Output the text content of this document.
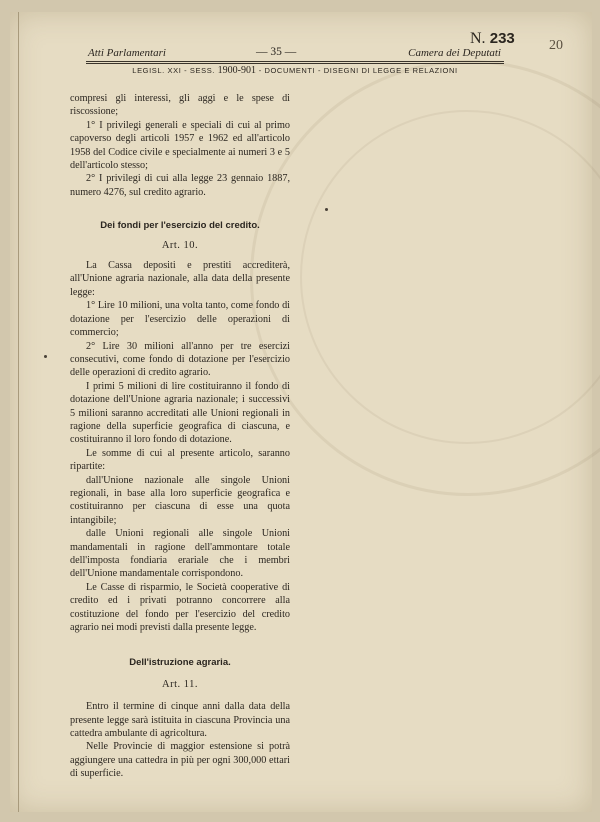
Atti Parlamentari	— 35 —	Camera dei Deputati
N. 233 20
LEGISL. XXI - SESS. 1900-901 - DOCUMENTI - DISEGNI DI LEGGE E RELAZIONI

compresi gli interessi, gli aggi e le spese di riscossione;

1° I privilegi generali e speciali di cui al primo capoverso degli articoli 1957 e 1962 ed all'articolo 1958 del Codice civile e specialmente ai numeri 3 e 5 dell'articolo stesso;

2° I privilegi di cui alla legge 23 gennaio 1887, numero 4276, sul credito agrario.

Dei fondi per l'esercizio del credito.
Art. 10.

La Cassa depositi e prestiti accrediterà, all'Unione agraria nazionale, alla data della presente legge:

1° Lire 10 milioni, una volta tanto, come fondo di dotazione per l'esercizio delle operazioni di commercio;

2° Lire 30 milioni all'anno per tre esercizi consecutivi, come fondo di dotazione per l'esercizio delle operazioni di credito agrario.

I primi 5 milioni di lire costituiranno il fondo di dotazione dell'Unione agraria nazionale; i successivi 5 milioni saranno accreditati alle Unioni regionali in ragione della superficie geografica di ciascuna, e costituiranno il loro fondo di dotazione.

Le somme di cui al presente articolo, saranno ripartite:

dall'Unione nazionale alle singole Unioni regionali, in base alla loro superficie geografica e costituiranno per ciascuna di esse una quota intangibile;

dalle Unioni regionali alle singole Unioni mandamentali in ragione dell'ammontare totale dell'imposta fondiaria erariale che i membri dell'Unione mandamentale corrispondono.

Le Casse di risparmio, le Società cooperative di credito ed i privati potranno concorrere alla costituzione del fondo per l'esercizio del credito agrario nei modi previsti dalla presente legge.

Dell'istruzione agraria.
Art. 11.

Entro il termine di cinque anni dalla data della presente legge sarà istituita in ciascuna Provincia una cattedra ambulante di agricoltura.

Nelle Provincie di maggior estensione si potrà aggiungere una cattedra in più per ogni 300,000 ettari di superficie.
